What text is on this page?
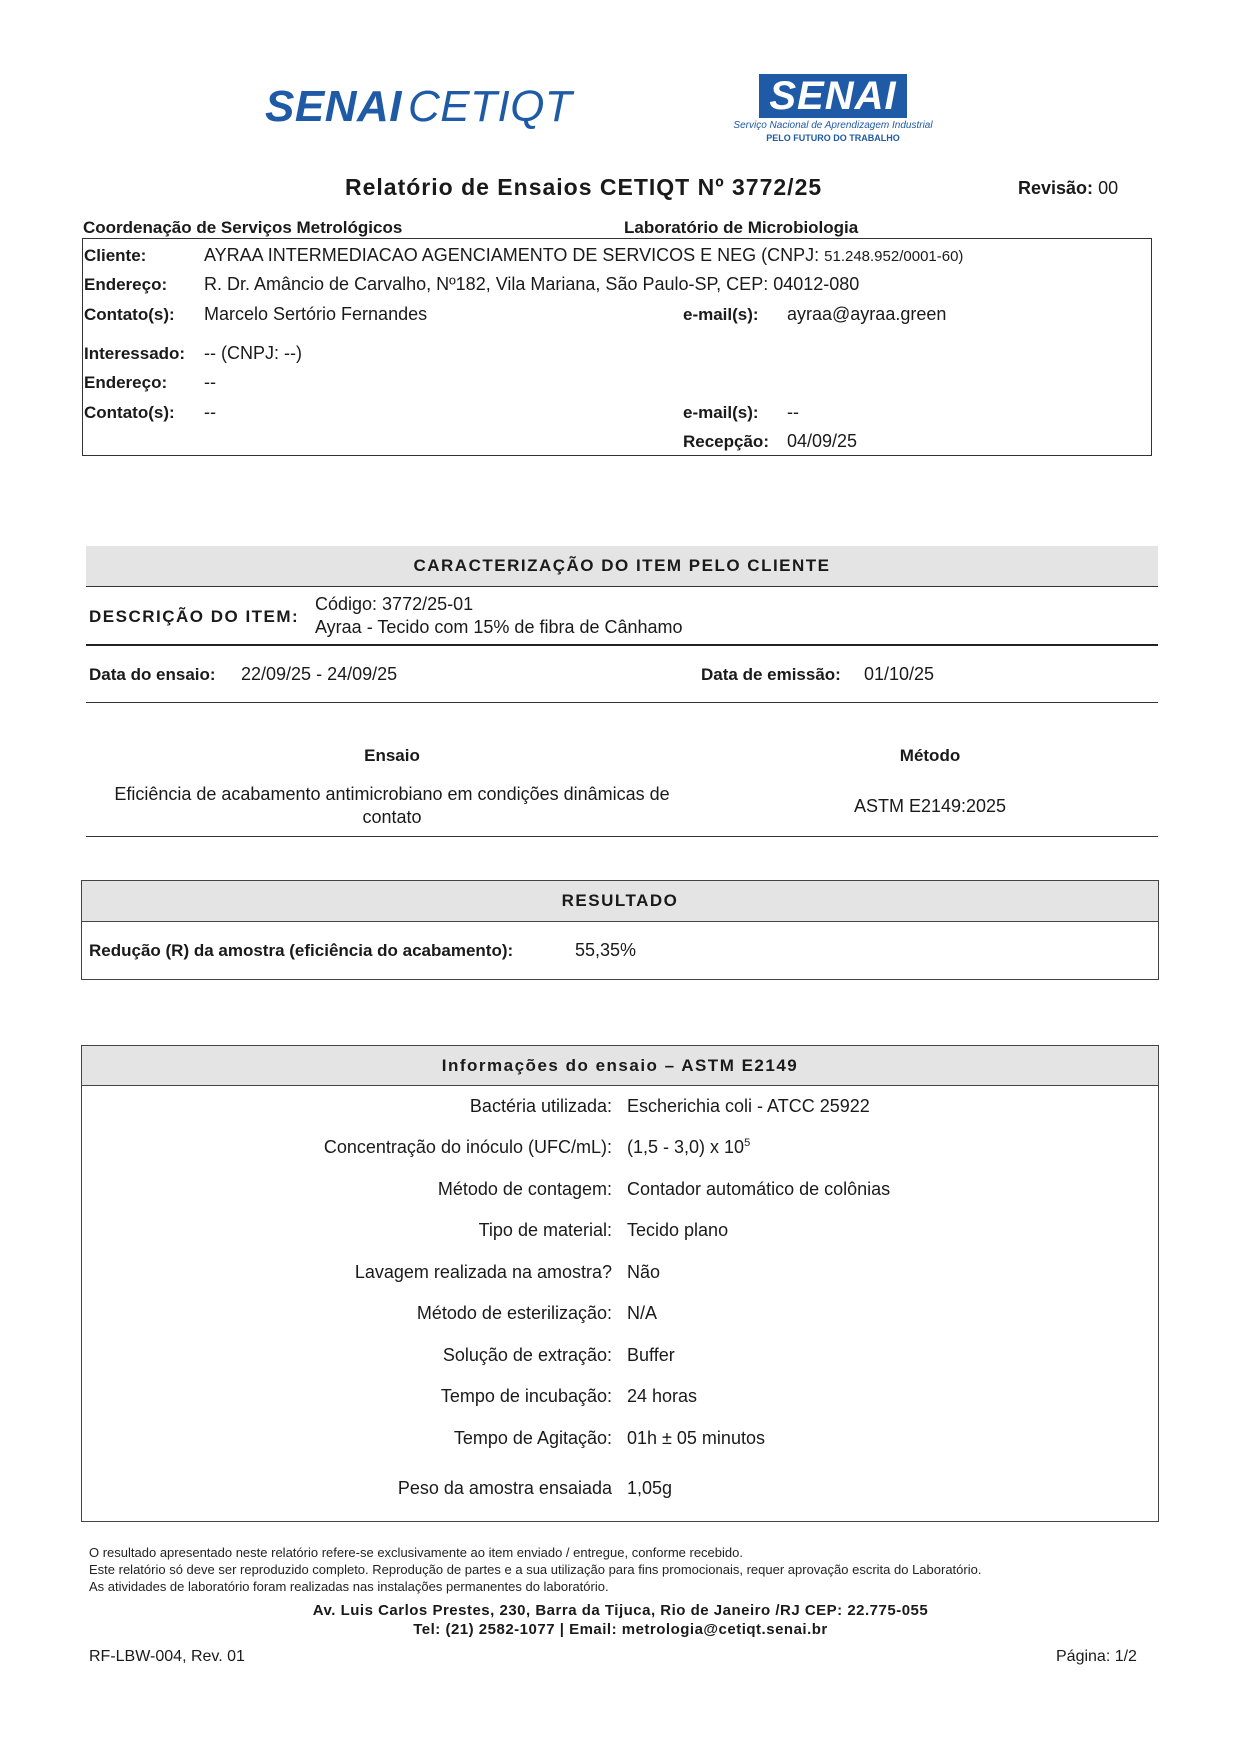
SENAI CETIQT	SENAI
Serviço Nacional de Aprendizagem Industrial
PELO FUTURO DO TRABALHO
Relatório de Ensaios CETIQT Nº 3772/25	Revisão: 00
Coordenação de Serviços Metrológicos	Laboratório de Microbiologia
Cliente:	AYRAA INTERMEDIACAO AGENCIAMENTO DE SERVICOS E NEG (CNPJ: 51.248.952/0001-60)
Endereço: R. Dr. Amâncio de Carvalho, Nº182, Vila Mariana, São Paulo-SP, CEP: 04012-080
Contato(s): Marcelo Sertório Fernandes	e-mail(s): ayraa@ayraa.green
Interessado: -- (CNPJ: --)
Endereço: --
Contato(s): --	e-mail(s): --
Recepção: 04/09/25
CARACTERIZAÇÃO DO ITEM PELO CLIENTE
DESCRIÇÃO DO ITEM:
Código: 3772/25-01
Ayraa - Tecido com 15% de fibra de Cânhamo
Data do ensaio: 22/09/25 - 24/09/25	Data de emissão: 01/10/25
Ensaio	Método
Eficiência de acabamento antimicrobiano em condições dinâmicas de
contato
ASTM E2149:2025
RESULTADO
Redução (R) da amostra (eficiência do acabamento):	55,35%
Informações do ensaio – ASTM E2149
Bactéria utilizada: Escherichia coli - ATCC 25922
Concentração do inóculo (UFC/mL): (1,5 - 3,0) x $10^5$
Método de contagem: Contador automático de colônias
Tipo de material: Tecido plano
Lavagem realizada na amostra? Não
Método de esterilização: N/A
Solução de extração: Buffer
Tempo de incubação: 24 horas
Tempo de Agitação: 01h ± 05 minutos
Peso da amostra ensaiada 1,05g
O resultado apresentado neste relatório refere-se exclusivamente ao item enviado / entregue, conforme recebido.
Este relatório só deve ser reproduzido completo. Reprodução de partes e a sua utilização para fins promocionais, requer aprovação escrita do Laboratório.
As atividades de laboratório foram realizadas nas instalações permanentes do laboratório.
Av. Luis Carlos Prestes, 230, Barra da Tijuca, Rio de Janeiro /RJ CEP: 22.775-055
Tel: (21) 2582-1077 | Email: metrologia@cetiqt.senai.br
RF-LBW-004, Rev. 01	Página: 1/2
